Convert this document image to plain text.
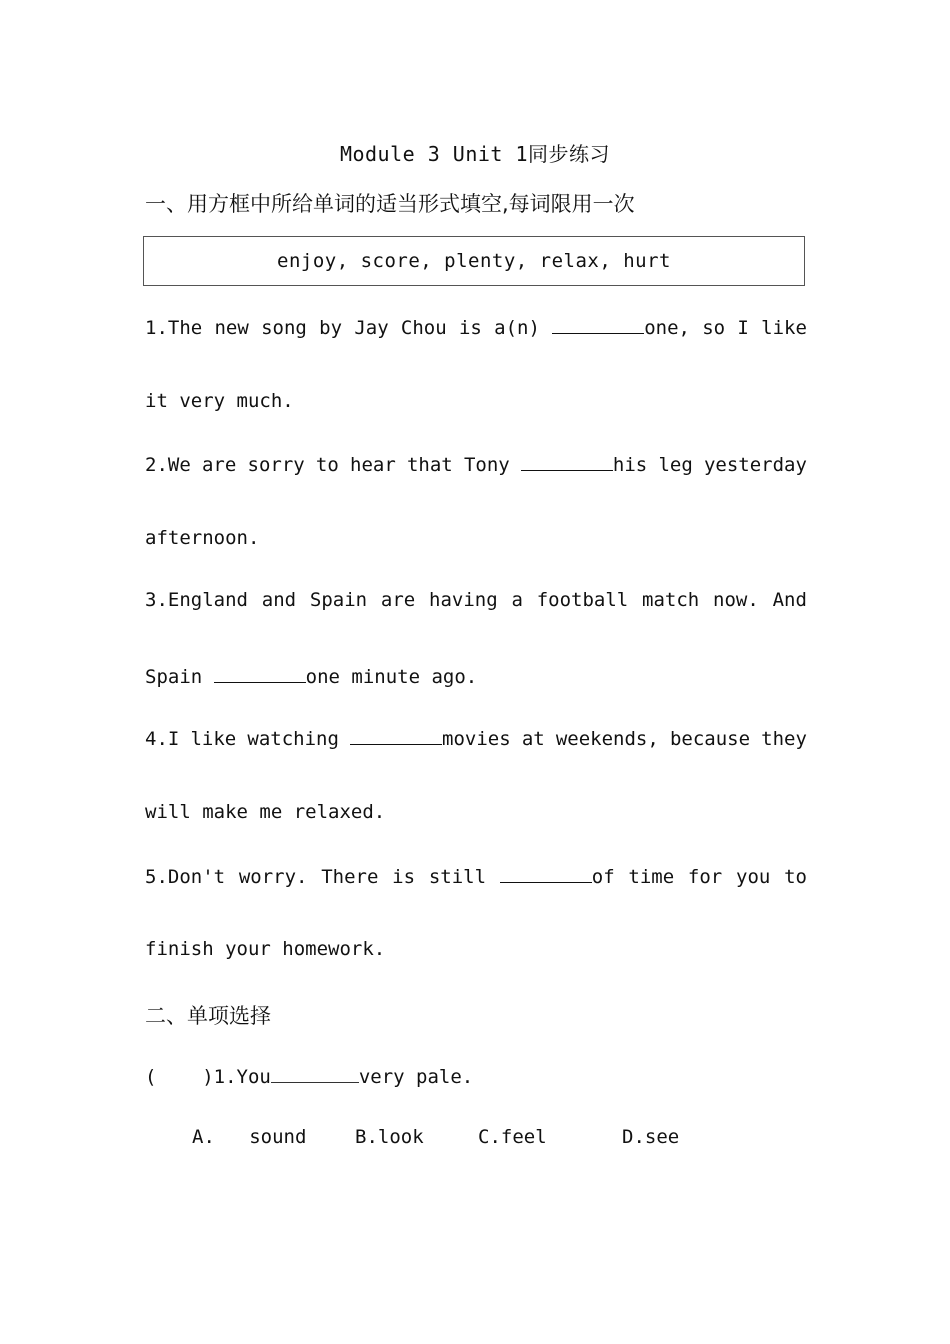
Module 3 Unit 1同步练习
一、用方框中所给单词的适当形式填空,每词限用一次
enjoy, score, plenty, relax, hurt
1.The new song by Jay Chou is a(n)	one, so I like
it very much.
2.We are sorry to hear that Tony	his leg yesterday
afternoon.
3.England and Spain are having a football match now. And
Spain	one minute ago.
4.I like watching	movies at weekends, because they
will make me relaxed.
5.Don't worry. There is still	of time for you to
finish your homework.
二、单项选择
(    )1.You	very pale.
A.   sound	B.look	C.feel	D.see
